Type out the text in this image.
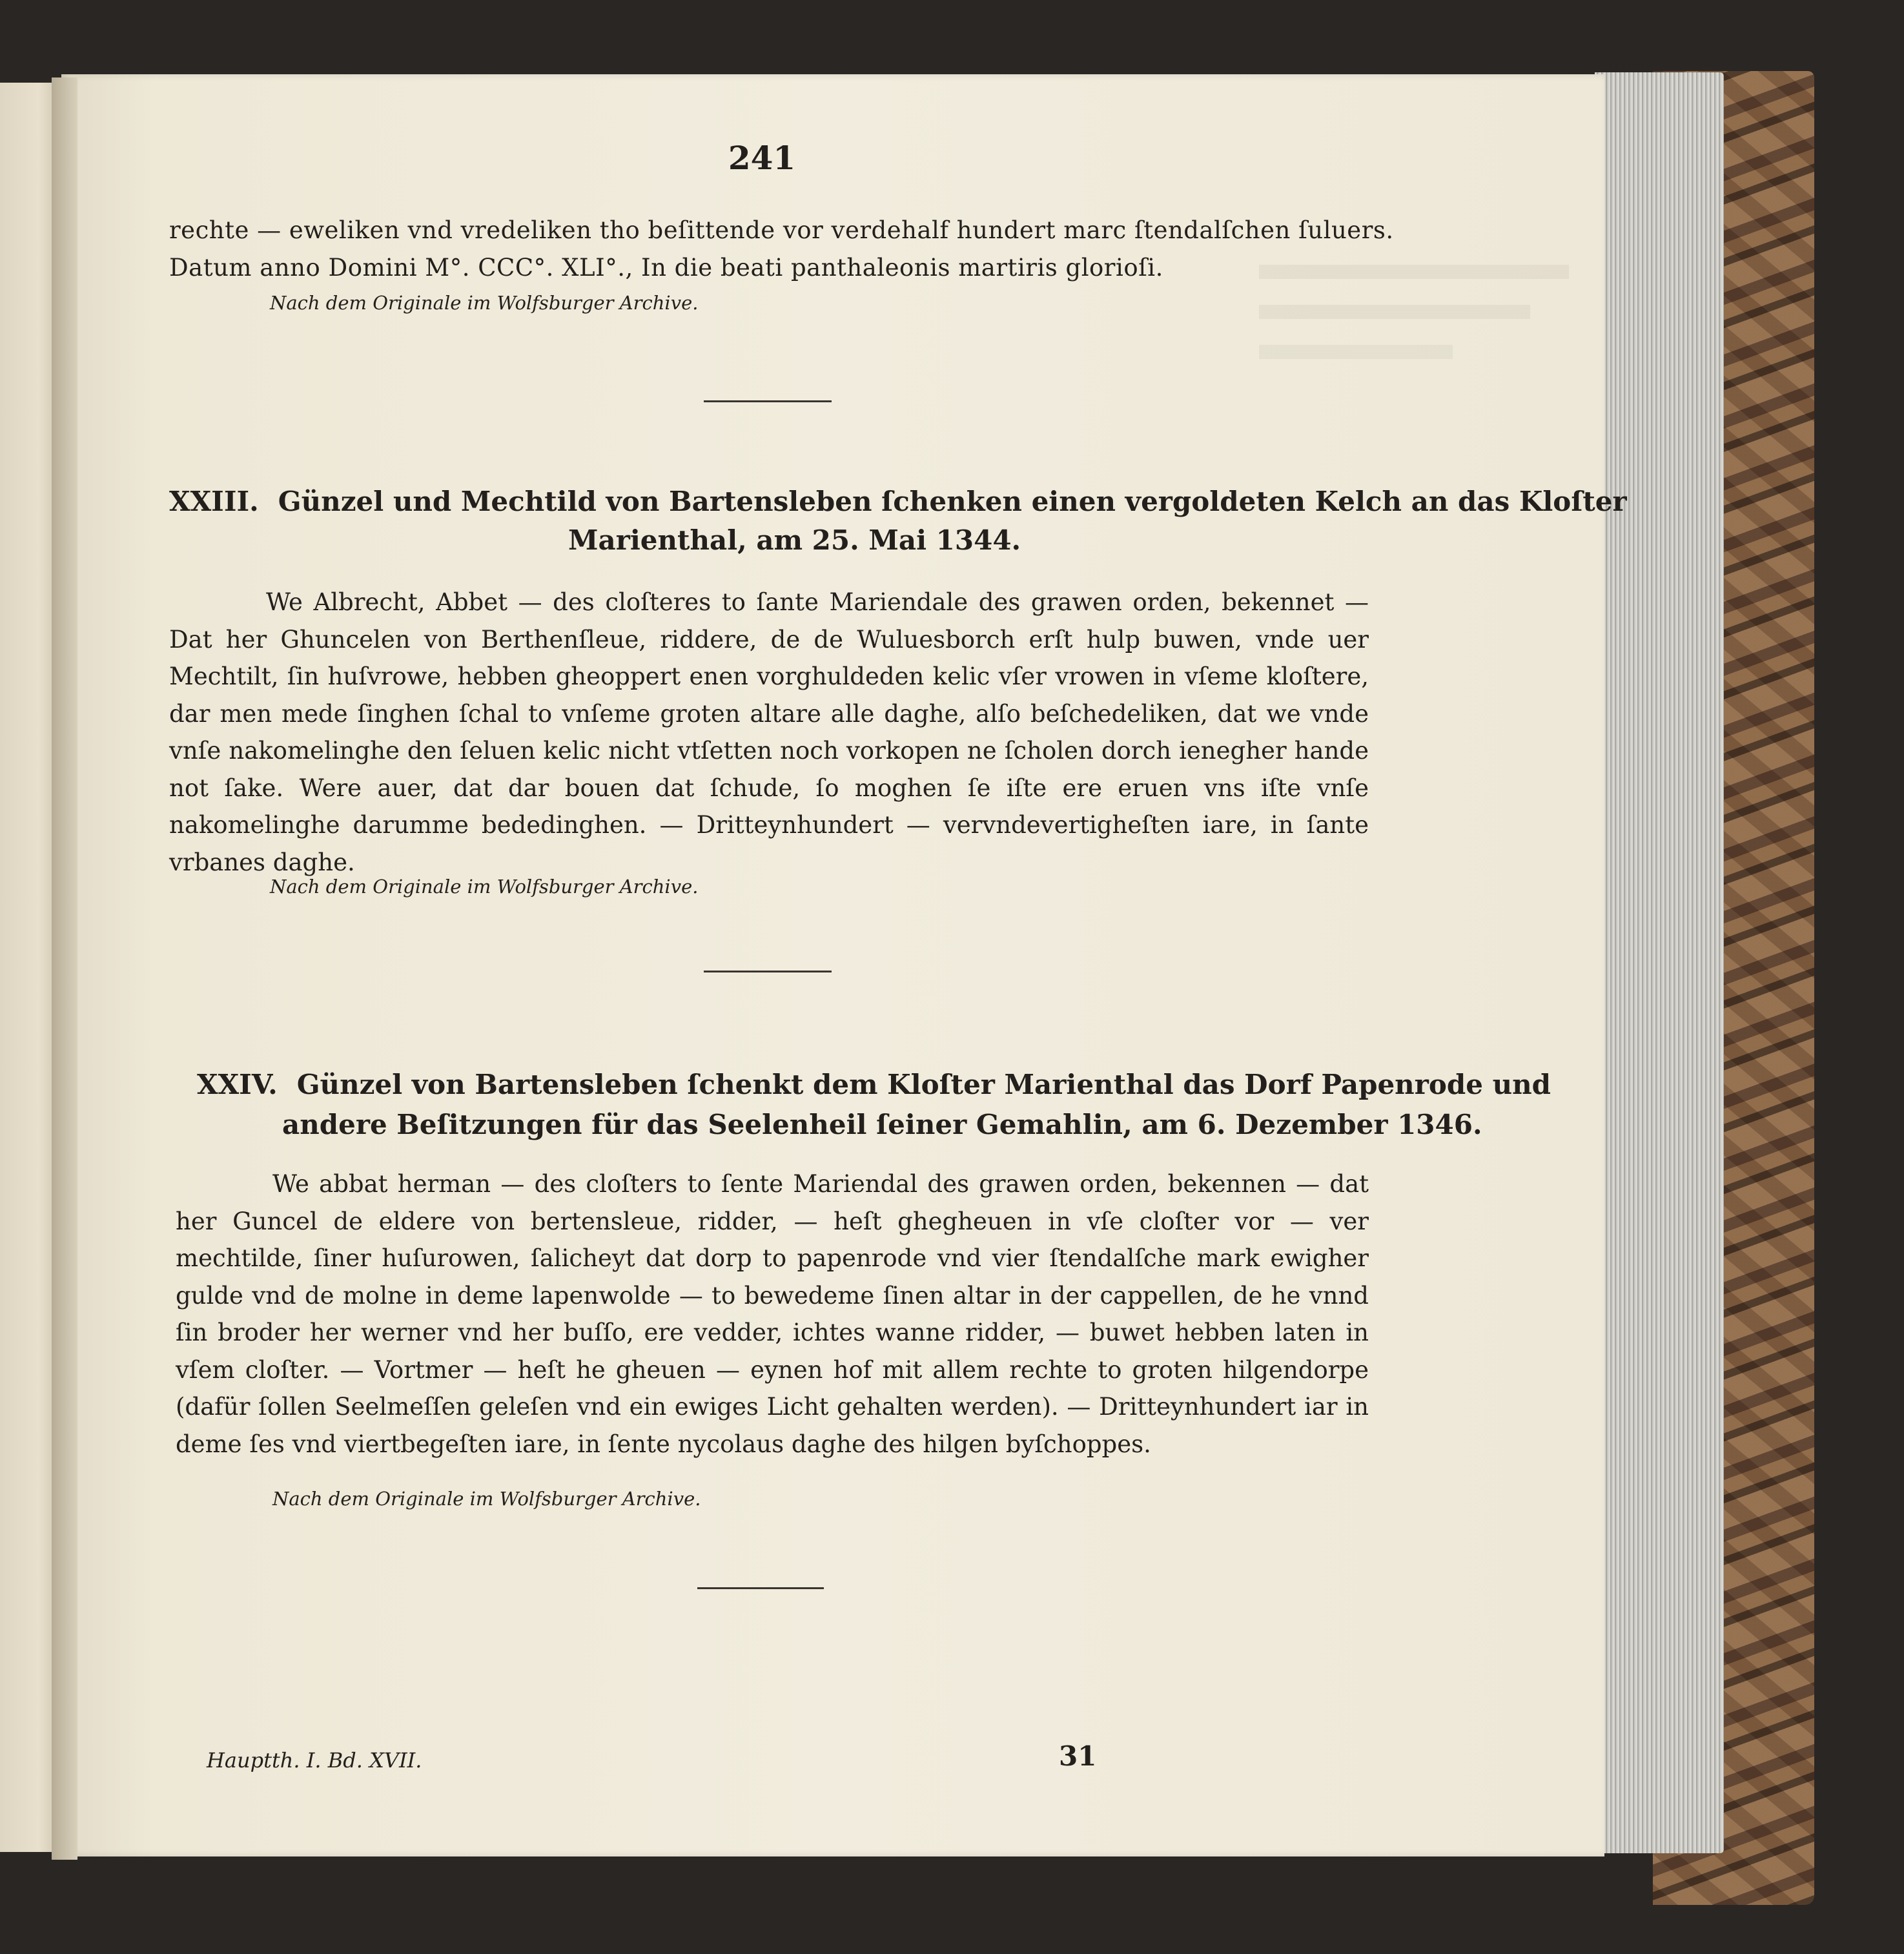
241
rechte — eweliken vnd vredeliken tho beſittende vor verdehalf hundert marc ſtendalſchen ſuluers.
Datum anno Domini M°. CCC°. XLI°., In die beati panthaleonis martiris glorioſi.
Nach dem Originale im Wolfsburger Archive.
XXIII. Günzel und Mechtild von Bartensleben ſchenken einen vergoldeten Kelch an das Kloſter
Marienthal, am 25. Mai 1344.

We Albrecht, Abbet — des cloſteres to ſante Mariendale des grawen orden, bekennet — Dat her Ghuncelen von Berthenſleue, riddere, de de Wuluesborch erſt hulp buwen, vnde uer Mechtilt, ſin huſvrowe, hebben gheoppert enen vorghuldeden kelic vſer vrowen in vſeme kloſtere, dar men mede ſinghen ſchal to vnſeme groten altare alle daghe, alſo beſchedeliken, dat we vnde vnſe nakomelinghe den ſeluen kelic nicht vtſetten noch vorkopen ne ſcholen dorch ienegher hande not ſake. Were auer, dat dar bouen dat ſchude, ſo moghen ſe iſte ere eruen vns iſte vnſe nakomelinghe darumme bededinghen. — Dritteynhundert — vervndevertigheſten iare, in ſante vrbanes daghe.

Nach dem Originale im Wolfsburger Archive.
XXIV. Günzel von Bartensleben ſchenkt dem Kloſter Marienthal das Dorf Papenrode und
andere Beſitzungen für das Seelenheil ſeiner Gemahlin, am 6. Dezember 1346.

We abbat herman — des cloſters to ſente Mariendal des grawen orden, bekennen — dat her Guncel de eldere von bertensleue, ridder, — heſt ghegheuen in vſe cloſter vor — ver mechtilde, ſiner huſurowen, ſalicheyt dat dorp to papenrode vnd vier ſtendalſche mark ewigher gulde vnd de molne in deme lapenwolde — to bewedeme ſinen altar in der cappellen, de he vnnd ſin broder her werner vnd her buſſo, ere vedder, ichtes wanne ridder, — buwet hebben laten in vſem cloſter. — Vortmer — heſt he gheuen — eynen hof mit allem rechte to groten hilgendorpe (dafür ſollen Seelmeſſen geleſen vnd ein ewiges Licht gehalten werden). — Dritteynhundert iar in deme ſes vnd viertbegeſten iare, in ſente nycolaus daghe des hilgen byſchoppes.

Nach dem Originale im Wolfsburger Archive.
Hauptth. I. Bd. XVII.	31
